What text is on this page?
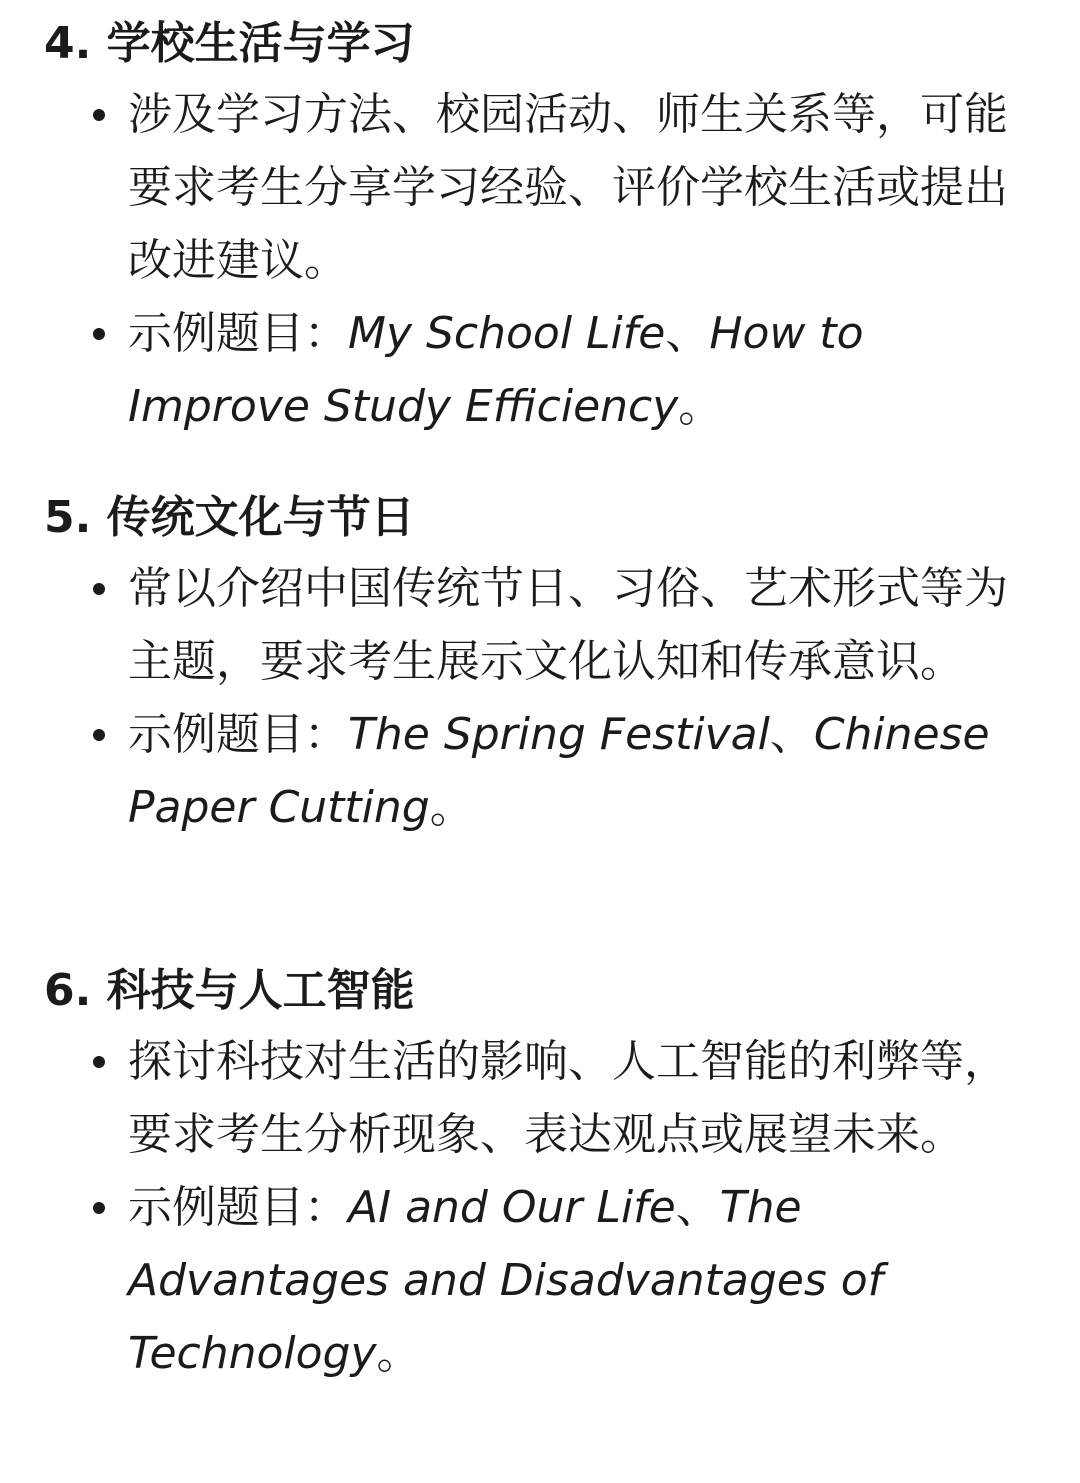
4. 学校生活与学习
涉及学习方法、校园活动、师生关系等，可能要求考生分享学习经验、评价学校生活或提出改进建议。
示例题目：My School Life、How to Improve Study Efficiency。
5. 传统文化与节日
常以介绍中国传统节日、习俗、艺术形式等为主题，要求考生展示文化认知和传承意识。
示例题目：The Spring Festival、Chinese Paper Cutting。
6. 科技与人工智能
探讨科技对生活的影响、人工智能的利弊等，要求考生分析现象、表达观点或展望未来。
示例题目：AI and Our Life、The Advantages and Disadvantages of Technology。
